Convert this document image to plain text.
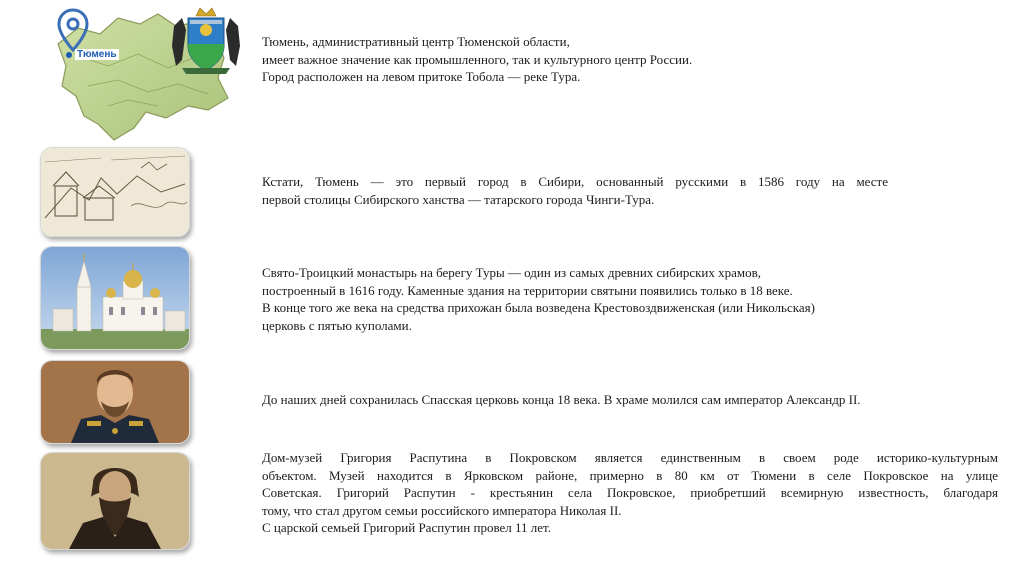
Тюмень
Тюмень, административный центр Тюменской области,
имеет важное значение как промышленного, так и культурного центр России.
Город расположен на левом притоке Тобола — реке Тура.
Кстати, Тюмень — это первый город в Сибири, основанный русскими в 1586 году на месте
первой столицы Сибирского ханства — татарского города Чинги-Тура.
Свято-Троицкий монастырь на берегу Туры — один из самых древних сибирских храмов,
построенный в 1616 году. Каменные здания на территории святыни появились только в 18 веке.
В конце того же века на средства прихожан была возведена Крестовоздвиженская (или Никольская)
церковь с пятью куполами.
До наших дней сохранилась Спасская церковь конца 18 века. В храме молился сам император Александр II.
Дом-музей Григория Распутина в Покровском является единственным в своем роде историко-культурным
объектом. Музей находится в Ярковском районе, примерно в 80 км от Тюмени в селе Покровское на улице
Советская. Григорий Распутин - крестьянин села Покровское, приобретший всемирную известность, благодаря
тому, что стал другом семьи российского императора Николая II.
С царской семьей Григорий Распутин провел 11 лет.
